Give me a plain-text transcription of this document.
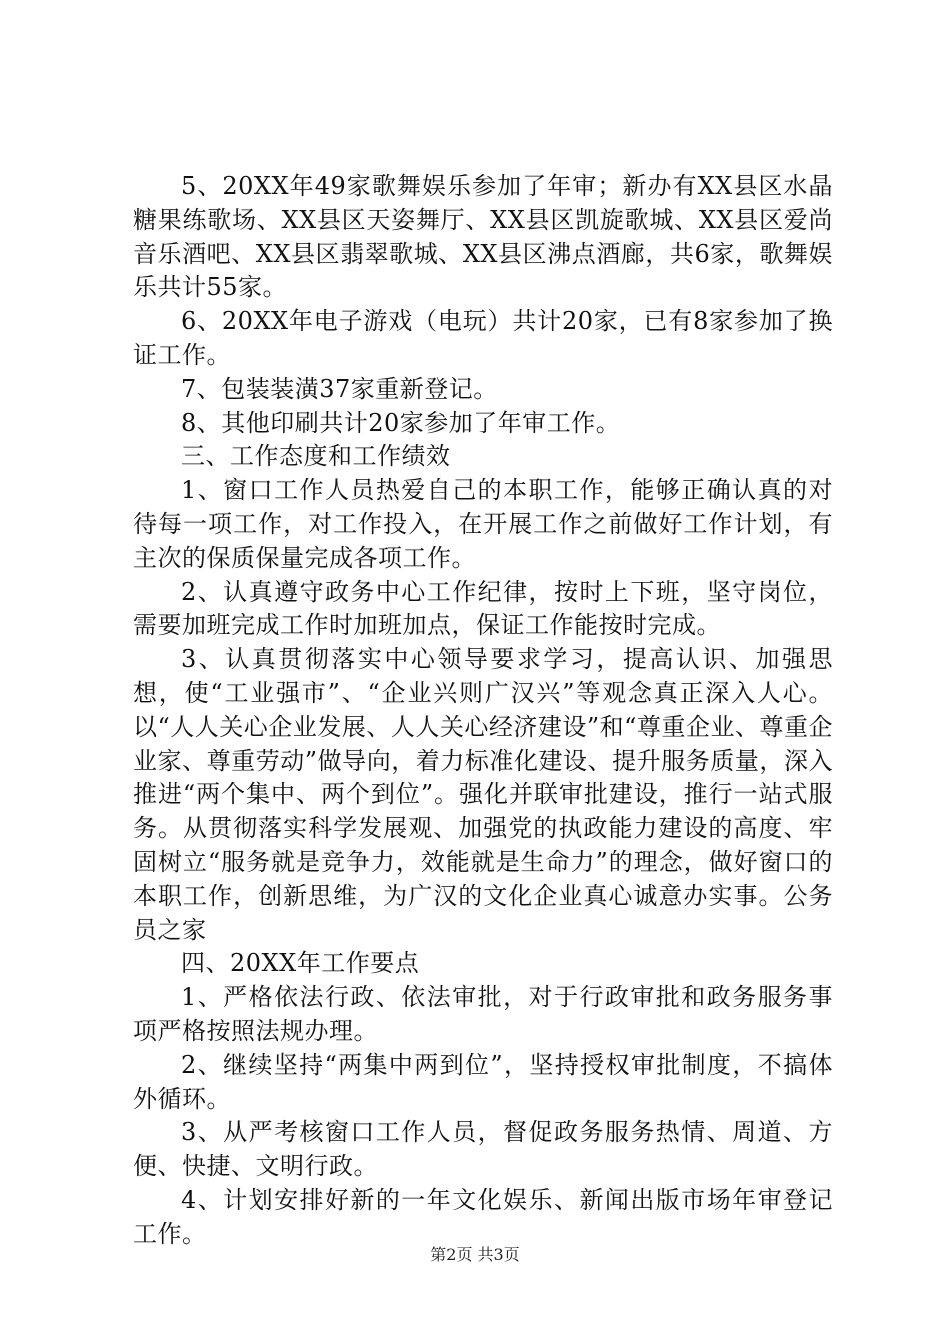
5、20XX年49家歌舞娱乐参加了年审；新办有XX县区水晶糖果练歌场、XX县区天姿舞厅、XX县区凯旋歌城、XX县区爱尚音乐酒吧、XX县区翡翠歌城、XX县区沸点酒廊，共6家，歌舞娱乐共计55家。

6、20XX年电子游戏（电玩）共计20家，已有8家参加了换证工作。

7、包装装潢37家重新登记。

8、其他印刷共计20家参加了年审工作。

三、工作态度和工作绩效

1、窗口工作人员热爱自己的本职工作，能够正确认真的对待每一项工作，对工作投入，在开展工作之前做好工作计划，有主次的保质保量完成各项工作。

2、认真遵守政务中心工作纪律，按时上下班，坚守岗位，需要加班完成工作时加班加点，保证工作能按时完成。

3、认真贯彻落实中心领导要求学习，提高认识、加强思想，使“工业强市”、“企业兴则广汉兴”等观念真正深入人心。以“人人关心企业发展、人人关心经济建设”和“尊重企业、尊重企业家、尊重劳动”做导向，着力标准化建设、提升服务质量，深入推进“两个集中、两个到位”。强化并联审批建设，推行一站式服务。从贯彻落实科学发展观、加强党的执政能力建设的高度、牢固树立“服务就是竞争力，效能就是生命力”的理念，做好窗口的本职工作，创新思维，为广汉的文化企业真心诚意办实事。公务员之家

四、20XX年工作要点

1、严格依法行政、依法审批，对于行政审批和政务服务事项严格按照法规办理。

2、继续坚持“两集中两到位”，坚持授权审批制度，不搞体外循环。

3、从严考核窗口工作人员，督促政务服务热情、周道、方便、快捷、文明行政。

4、计划安排好新的一年文化娱乐、新闻出版市场年审登记工作。

第2页 共3页
